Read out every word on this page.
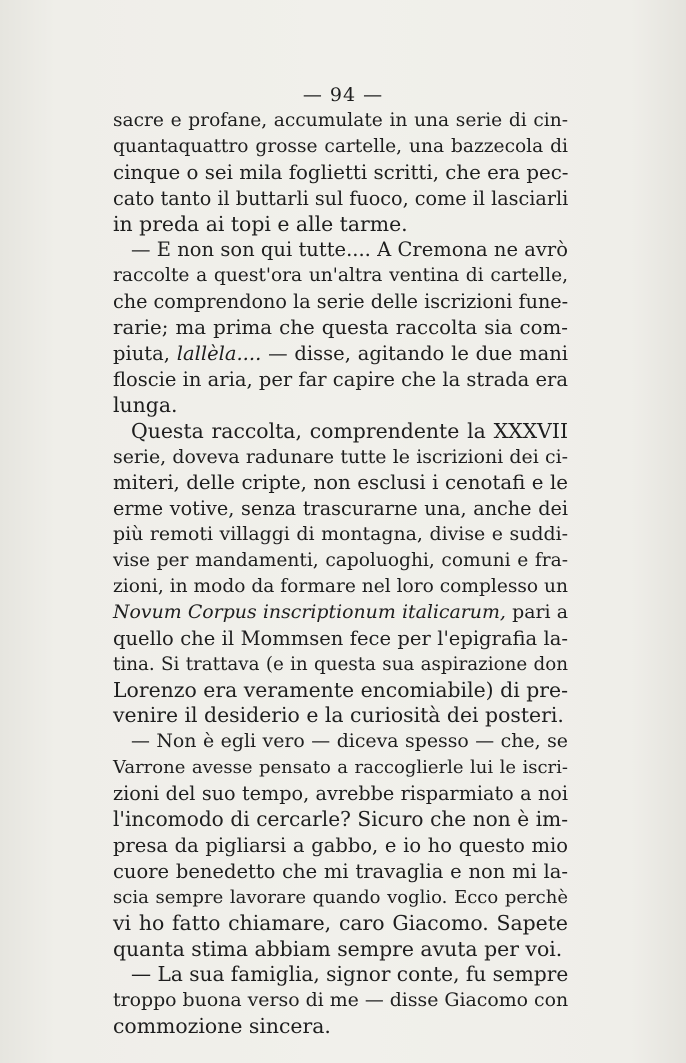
— 94 —
sacre e profane, accumulate in una serie di cin-
quantaquattro grosse cartelle, una bazzecola di
cinque o sei mila foglietti scritti, che era pec-
cato tanto il buttarli sul fuoco, come il lasciarli
in preda ai topi e alle tarme.
— E non son qui tutte.... A Cremona ne avrò
raccolte a quest'ora un'altra ventina di cartelle,
che comprendono la serie delle iscrizioni fune-
rarie; ma prima che questa raccolta sia com-
piuta, lallèla.... — disse, agitando le due mani
floscie in aria, per far capire che la strada era
lunga.
Questa raccolta, comprendente la XXXVII
serie, doveva radunare tutte le iscrizioni dei ci-
miteri, delle cripte, non esclusi i cenotafi e le
erme votive, senza trascurarne una, anche dei
più remoti villaggi di montagna, divise e suddi-
vise per mandamenti, capoluoghi, comuni e fra-
zioni, in modo da formare nel loro complesso un
Novum Corpus inscriptionum italicarum, pari a
quello che il Mommsen fece per l'epigrafia la-
tina. Si trattava (e in questa sua aspirazione don
Lorenzo era veramente encomiabile) di pre-
venire il desiderio e la curiosità dei posteri.
— Non è egli vero — diceva spesso — che, se
Varrone avesse pensato a raccoglierle lui le iscri-
zioni del suo tempo, avrebbe risparmiato a noi
l'incomodo di cercarle? Sicuro che non è im-
presa da pigliarsi a gabbo, e io ho questo mio
cuore benedetto che mi travaglia e non mi la-
scia sempre lavorare quando voglio. Ecco perchè
vi ho fatto chiamare, caro Giacomo. Sapete
quanta stima abbiam sempre avuta per voi.
— La sua famiglia, signor conte, fu sempre
troppo buona verso di me — disse Giacomo con
commozione sincera.
